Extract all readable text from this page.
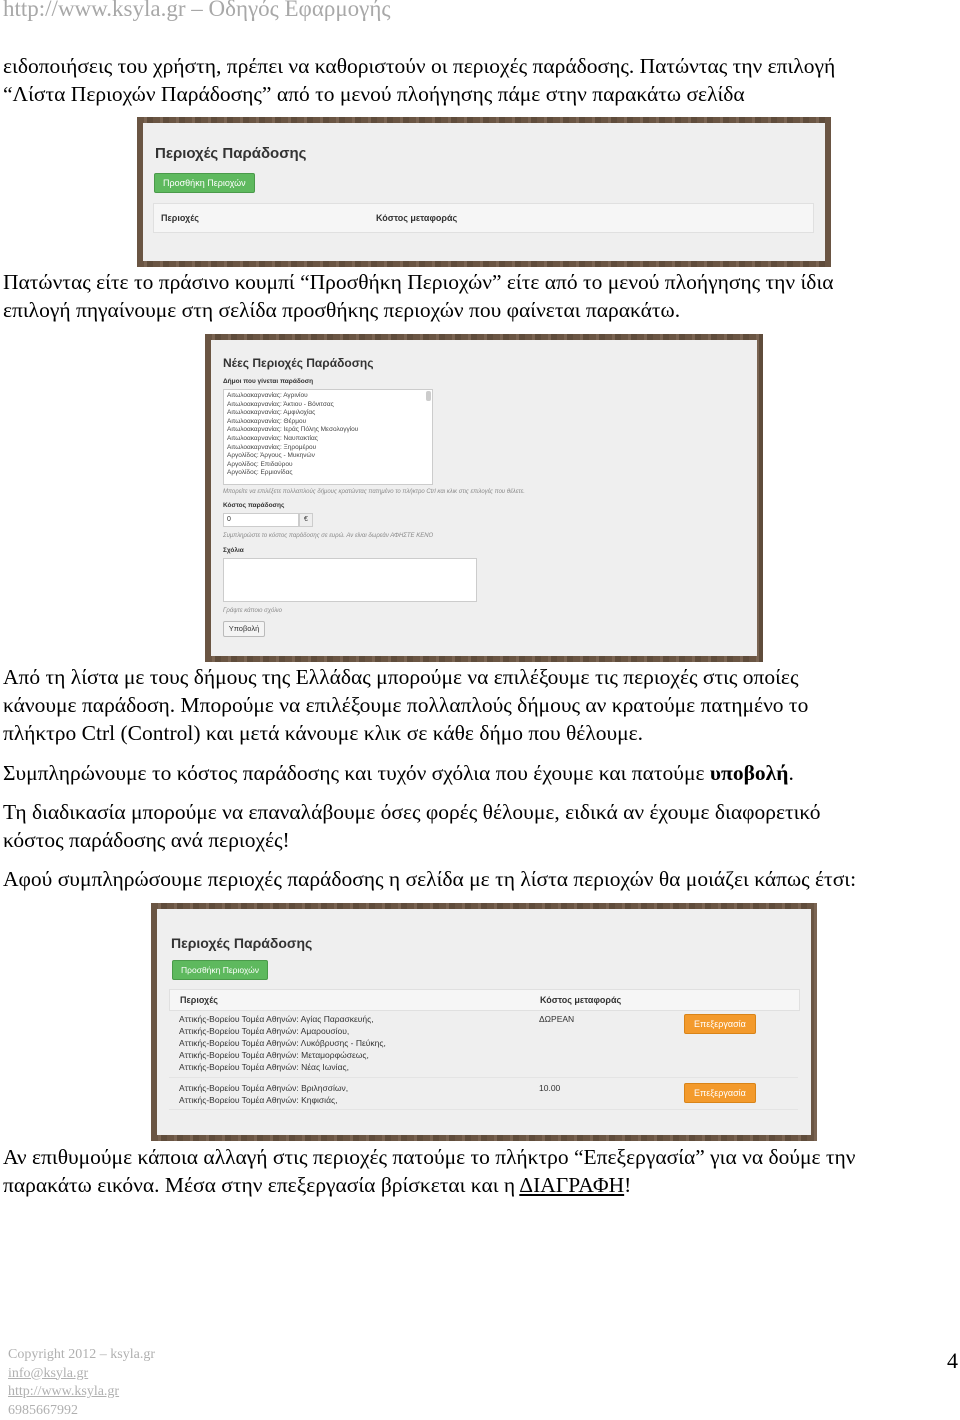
http://www.ksyla.gr – Οδηγός Εφαρμογής
ειδοποιήσεις του χρήστη, πρέπει να καθοριστούν οι περιοχές παράδοσης. Πατώντας την επιλογή
“Λίστα Περιοχών Παράδοσης” από το μενού πλοήγησης πάμε στην παρακάτω σελίδα
Περιοχές Παράδοσης
Προσθήκη Περιοχών
Περιοχές	Κόστος μεταφοράς
Πατώντας είτε το πράσινο κουμπί “Προσθήκη Περιοχών” είτε από το μενού πλοήγησης την ίδια
επιλογή πηγαίνουμε στη σελίδα προσθήκης περιοχών που φαίνεται παρακάτω.
Νέες Περιοχές Παράδοσης
Δήμοι που γίνεται παράδοση
Αιτωλοακαρνανίας: Αγρινίου
Αιτωλοακαρνανίας: Άκτιου - Βόνιτσας
Αιτωλοακαρνανίας: Αμφιλοχίας
Αιτωλοακαρνανίας: Θέρμου
Αιτωλοακαρνανίας: Ιεράς Πόλης Μεσολογγίου
Αιτωλοακαρνανίας: Ναυπακτίας
Αιτωλοακαρνανίας: Ξηρομέρου
Αργολίδος: Άργους - Μυκηνών
Αργολίδος: Επιδαύρου
Αργολίδος: Ερμιονίδας
Μπορείτε να επιλέξετε πολλαπλούς δήμους κρατώντας πατημένο το πλήκτρο Ctrl και κλικ στις επιλογές που θέλετε.
Κόστος παράδοσης
0	€
Συμπληρώστε το κόστος παράδοσης σε ευρώ. Αν είναι δωρεάν ΑΦΗΣΤΕ ΚΕΝΟ
Σχόλια
Γράψτε κάποιο σχόλιο
Υποβολή
Από τη λίστα με τους δήμους της Ελλάδας μπορούμε να επιλέξουμε τις περιοχές στις οποίες
κάνουμε παράδοση. Μπορούμε να επιλέξουμε πολλαπλούς δήμους αν κρατούμε πατημένο το
πλήκτρο Ctrl (Control) και μετά κάνουμε κλικ σε κάθε δήμο που θέλουμε.
Συμπληρώνουμε το κόστος παράδοσης και τυχόν σχόλια που έχουμε και πατούμε υποβολή.
Τη διαδικασία μπορούμε να επαναλάβουμε όσες φορές θέλουμε, ειδικά αν έχουμε διαφορετικό
κόστος παράδοσης ανά περιοχές!
Αφού συμπληρώσουμε περιοχές παράδοσης η σελίδα με τη λίστα περιοχών θα μοιάζει κάπως έτσι:
Περιοχές Παράδοσης
Προσθήκη Περιοχών
Περιοχές	Κόστος μεταφοράς
Αττικής-Βορείου Τομέα Αθηνών: Αγίας Παρασκευής,
Αττικής-Βορείου Τομέα Αθηνών: Αμαρουσίου,
Αττικής-Βορείου Τομέα Αθηνών: Λυκόβρυσης - Πεύκης,
Αττικής-Βορείου Τομέα Αθηνών: Μεταμορφώσεως,
Αττικής-Βορείου Τομέα Αθηνών: Νέας Ιωνίας,
ΔΩΡΕΑΝ	Επεξεργασία
Αττικής-Βορείου Τομέα Αθηνών: Βριλησσίων,
Αττικής-Βορείου Τομέα Αθηνών: Κηφισιάς,
10.00	Επεξεργασία
Αν επιθυμούμε κάποια αλλαγή στις περιοχές πατούμε το πλήκτρο “Επεξεργασία” για να δούμε την
παρακάτω εικόνα. Μέσα στην επεξεργασία βρίσκεται και η ΔΙΑΓΡΑΦΗ!
Copyright 2012 – ksyla.gr
info@ksyla.gr
http://www.ksyla.gr
6985667992
4
